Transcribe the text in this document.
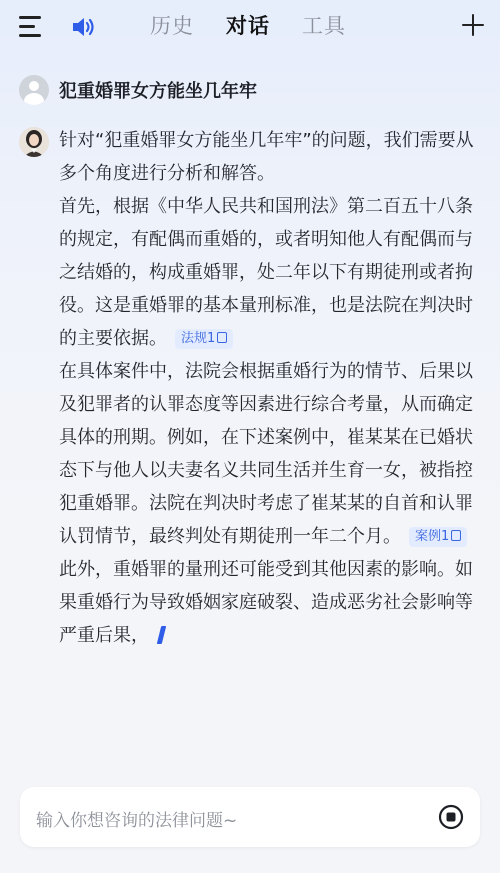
历史 对话 工具
犯重婚罪女方能坐几年牢

针对“犯重婚罪女方能坐几年牢”的问题，我们需要从多个角度进行分析和解答。

首先，根据《中华人民共和国刑法》第二百五十八条的规定，有配偶而重婚的，或者明知他人有配偶而与之结婚的，构成重婚罪，处二年以下有期徒刑或者拘役。这是重婚罪的基本量刑标准，也是法院在判决时的主要依据。 法规1

在具体案件中，法院会根据重婚行为的情节、后果以及犯罪者的认罪态度等因素进行综合考量，从而确定具体的刑期。例如，在下述案例中，崔某某在已婚状态下与他人以夫妻名义共同生活并生育一女，被指控犯重婚罪。法院在判决时考虑了崔某某的自首和认罪认罚情节，最终判处有期徒刑一年二个月。 案例1

此外，重婚罪的量刑还可能受到其他因素的影响。如果重婚行为导致婚姻家庭破裂、造成恶劣社会影响等严重后果，

输入你想咨询的法律问题~
